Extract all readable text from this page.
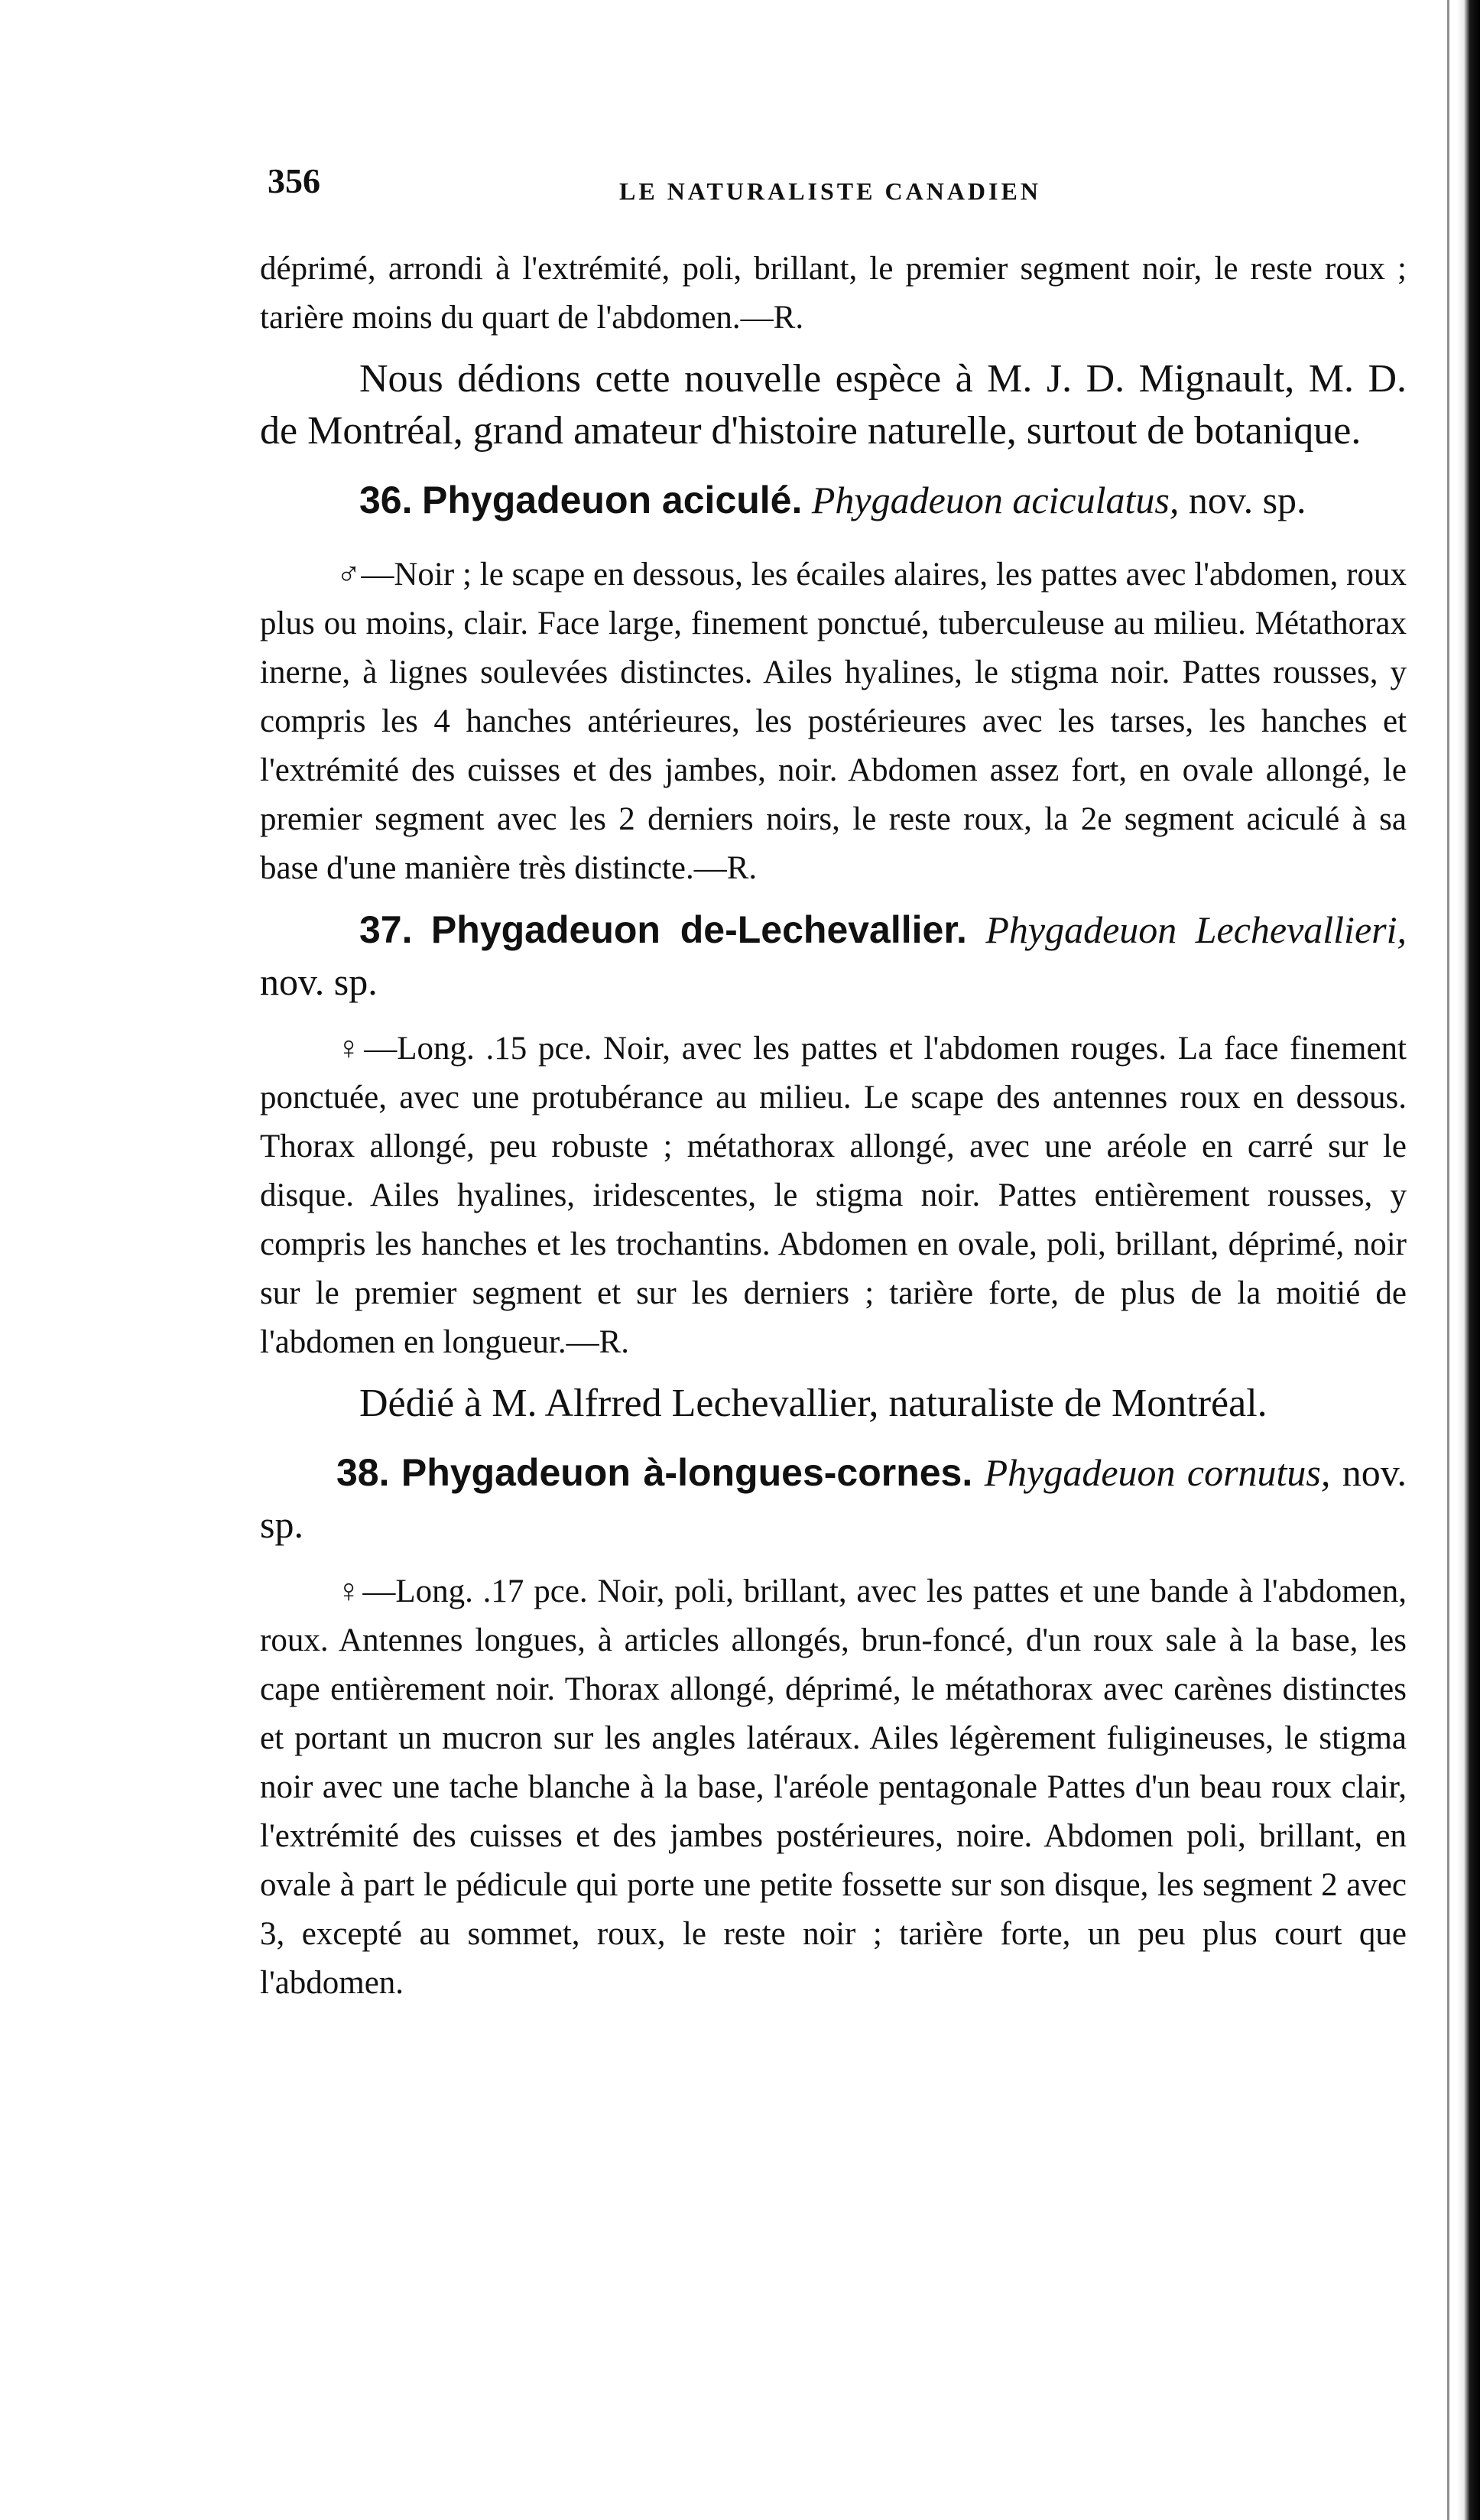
356	LE NATURALISTE CANADIEN

déprimé, arrondi à l'extrémité, poli, brillant, le premier segment noir, le reste roux ; tarière moins du quart de l'abdomen.—R.

Nous dédions cette nouvelle espèce à M. J. D. Mignault, M. D. de Montréal, grand amateur d'histoire naturelle, surtout de botanique.

36. Phygadeuon aciculé. Phygadeuon aciculatus, nov. sp.

♂—Noir ; le scape en dessous, les écailes alaires, les pattes avec l'abdomen, roux plus ou moins, clair. Face large, finement ponctué, tuberculeuse au milieu. Métathorax inerne, à lignes soulevées distinctes. Ailes hyalines, le stigma noir. Pattes rousses, y compris les 4 hanches antérieures, les postérieures avec les tarses, les hanches et l'extrémité des cuisses et des jambes, noir. Abdomen assez fort, en ovale allongé, le premier segment avec les 2 derniers noirs, le reste roux, la 2e segment aciculé à sa base d'une manière très distincte.—R.

37. Phygadeuon de-Lechevallier. Phygadeuon Lechevallieri, nov. sp.

♀—Long. .15 pce. Noir, avec les pattes et l'abdomen rouges. La face finement ponctuée, avec une protubérance au milieu. Le scape des antennes roux en dessous. Thorax allongé, peu robuste ; métathorax allongé, avec une aréole en carré sur le disque. Ailes hyalines, iridescentes, le stigma noir. Pattes entièrement rousses, y compris les hanches et les trochantins. Abdomen en ovale, poli, brillant, déprimé, noir sur le premier segment et sur les derniers ; tarière forte, de plus de la moitié de l'abdomen en longueur.—R.

Dédié à M. Alfrred Lechevallier, naturaliste de Montréal.

38. Phygadeuon à-longues-cornes. Phygadeuon cornutus, nov. sp.

♀—Long. .17 pce. Noir, poli, brillant, avec les pattes et une bande à l'abdomen, roux. Antennes longues, à articles allongés, brun-foncé, d'un roux sale à la base, les cape entièrement noir. Thorax allongé, déprimé, le métathorax avec carènes distinctes et portant un mucron sur les angles latéraux. Ailes légèrement fuligineuses, le stigma noir avec une tache blanche à la base, l'aréole pentagonale Pattes d'un beau roux clair, l'extrémité des cuisses et des jambes postérieures, noire. Abdomen poli, brillant, en ovale à part le pédicule qui porte une petite fossette sur son disque, les segment 2 avec 3, excepté au sommet, roux, le reste noir ; tarière forte, un peu plus court que l'abdomen.
